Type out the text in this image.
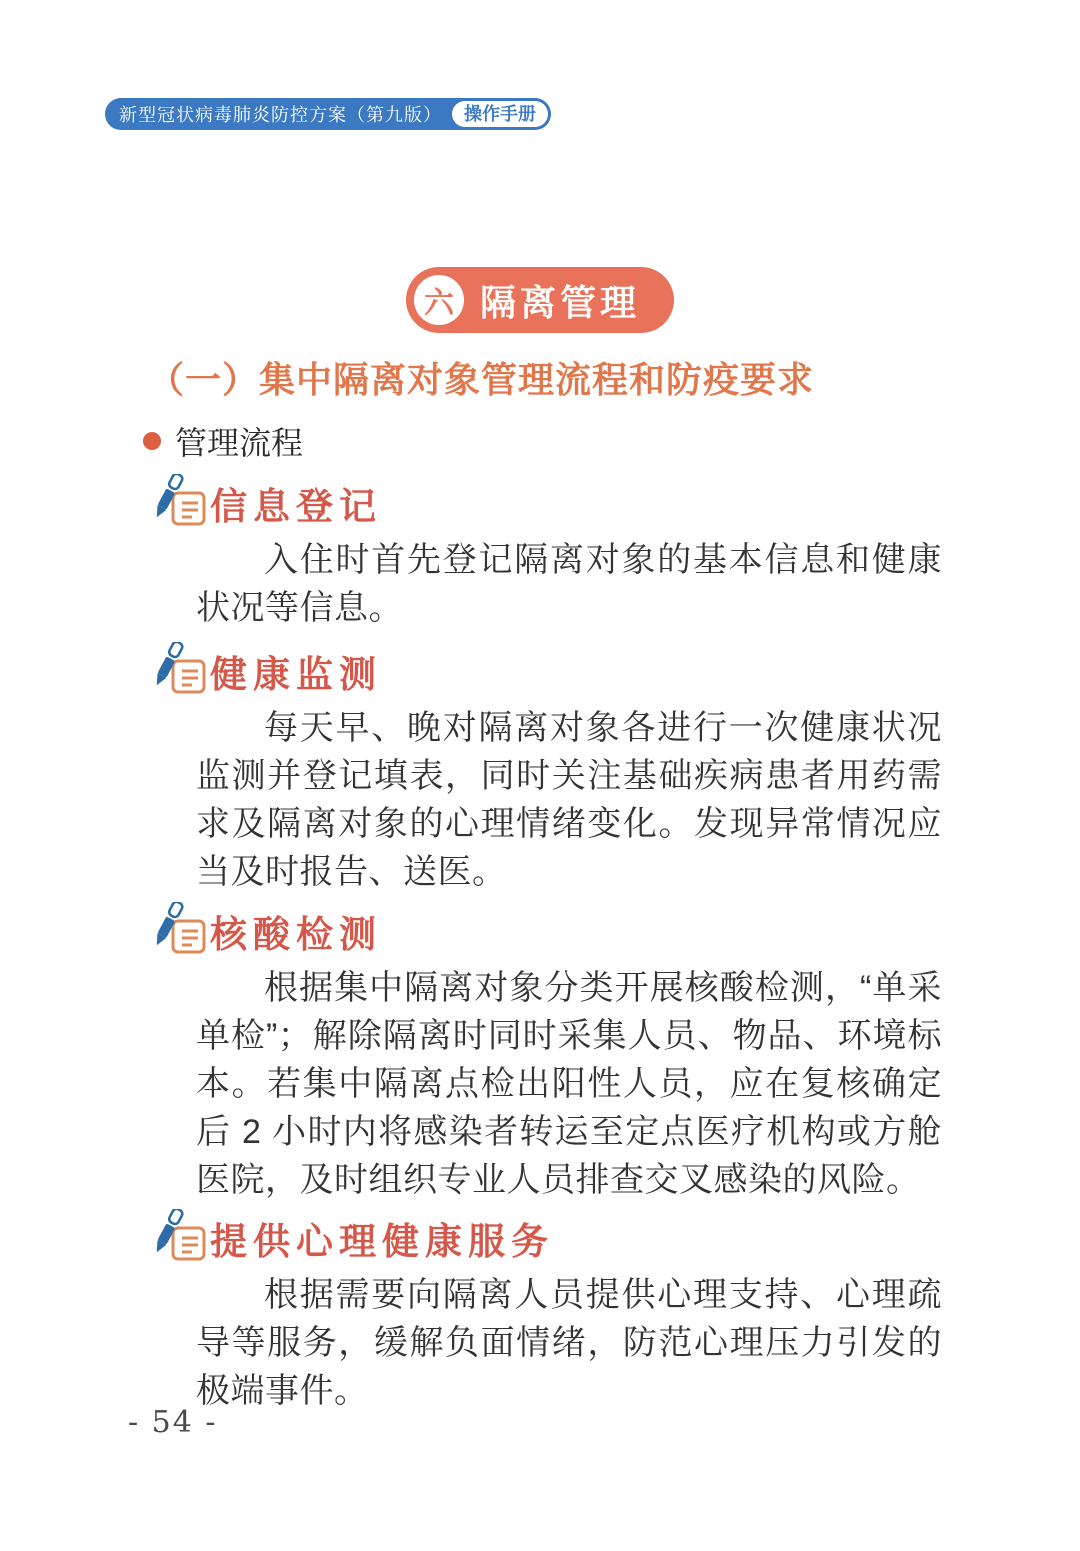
新型冠状病毒肺炎防控方案（第九版）	操作手册
六 隔离管理
（一）集中隔离对象管理流程和防疫要求
管理流程
信息登记
入住时首先登记隔离对象的基本信息和健康状况等信息。
健康监测
每天早、晚对隔离对象各进行一次健康状况监测并登记填表，同时关注基础疾病患者用药需求及隔离对象的心理情绪变化。发现异常情况应当及时报告、送医。
核酸检测
根据集中隔离对象分类开展核酸检测，“单采单检”；解除隔离时同时采集人员、物品、环境标本。若集中隔离点检出阳性人员，应在复核确定后 2 小时内将感染者转运至定点医疗机构或方舱医院，及时组织专业人员排查交叉感染的风险。
提供心理健康服务
根据需要向隔离人员提供心理支持、心理疏导等服务，缓解负面情绪，防范心理压力引发的极端事件。
- 54 -
